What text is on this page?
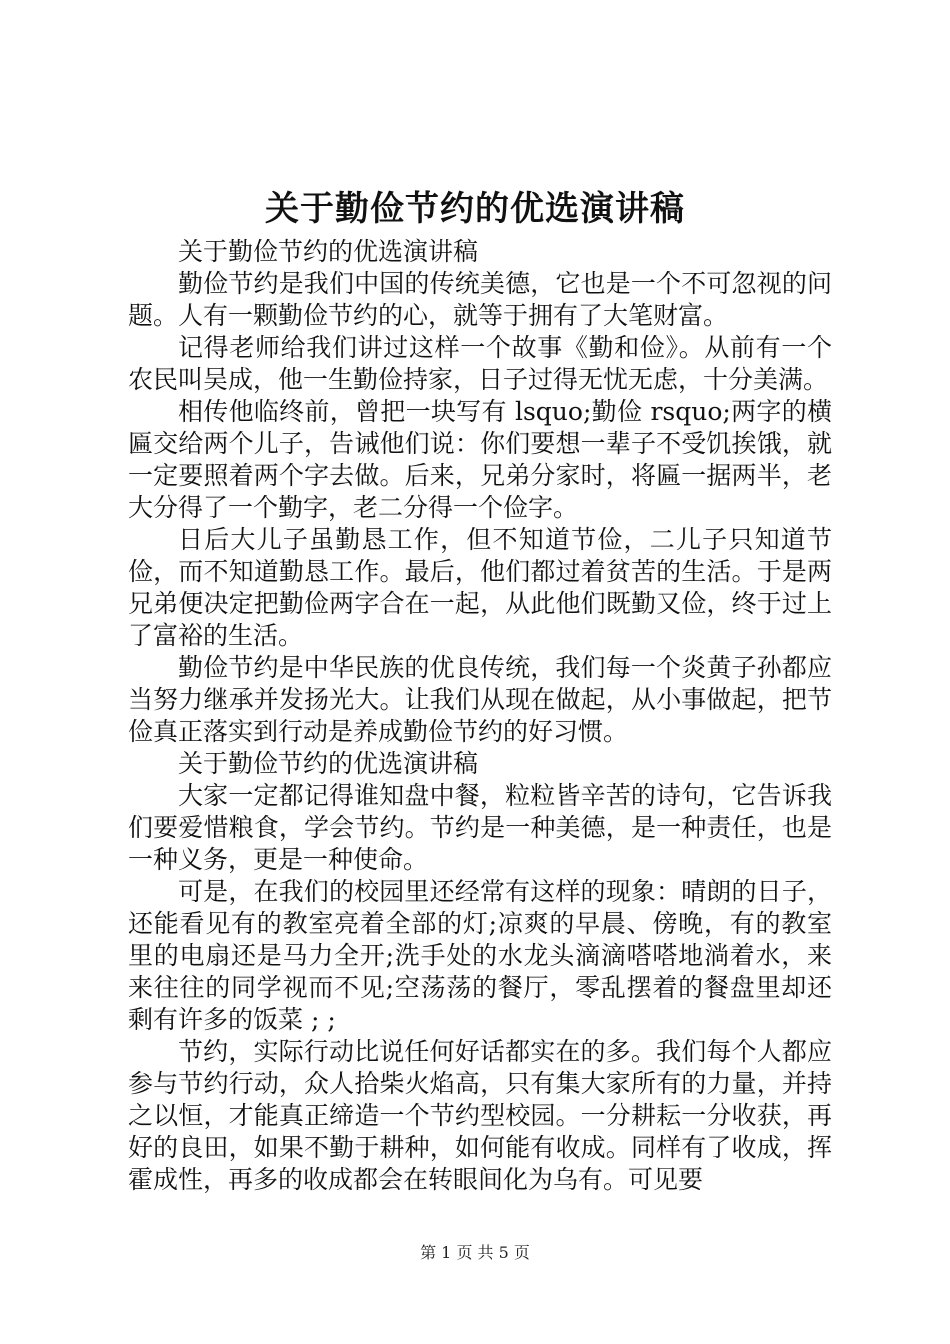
关于勤俭节约的优选演讲稿

关于勤俭节约的优选演讲稿

勤俭节约是我们中国的传统美德，它也是一个不可忽视的问题。人有一颗勤俭节约的心，就等于拥有了大笔财富。

记得老师给我们讲过这样一个故事《勤和俭》。从前有一个农民叫吴成，他一生勤俭持家，日子过得无忧无虑，十分美满。

相传他临终前，曾把一块写有 lsquo;勤俭 rsquo;两字的横匾交给两个儿子，告诫他们说：你们要想一辈子不受饥挨饿，就一定要照着两个字去做。后来，兄弟分家时，将匾一据两半，老大分得了一个勤字，老二分得一个俭字。

日后大儿子虽勤恳工作，但不知道节俭，二儿子只知道节俭，而不知道勤恳工作。最后，他们都过着贫苦的生活。于是两兄弟便决定把勤俭两字合在一起，从此他们既勤又俭，终于过上了富裕的生活。

勤俭节约是中华民族的优良传统，我们每一个炎黄子孙都应当努力继承并发扬光大。让我们从现在做起，从小事做起，把节俭真正落实到行动是养成勤俭节约的好习惯。

关于勤俭节约的优选演讲稿

大家一定都记得谁知盘中餐，粒粒皆辛苦的诗句，它告诉我们要爱惜粮食，学会节约。节约是一种美德，是一种责任，也是一种义务，更是一种使命。

可是，在我们的校园里还经常有这样的现象：晴朗的日子，还能看见有的教室亮着全部的灯;凉爽的早晨、傍晚，有的教室里的电扇还是马力全开;洗手处的水龙头滴滴嗒嗒地淌着水，来来往往的同学视而不见;空荡荡的餐厅，零乱摆着的餐盘里却还剩有许多的饭菜 ; ;

节约，实际行动比说任何好话都实在的多。我们每个人都应参与节约行动，众人拾柴火焰高，只有集大家所有的力量，并持之以恒，才能真正缔造一个节约型校园。一分耕耘一分收获，再好的良田，如果不勤于耕种，如何能有收成。同样有了收成，挥霍成性，再多的收成都会在转眼间化为乌有。可见要

第 1 页 共 5 页
